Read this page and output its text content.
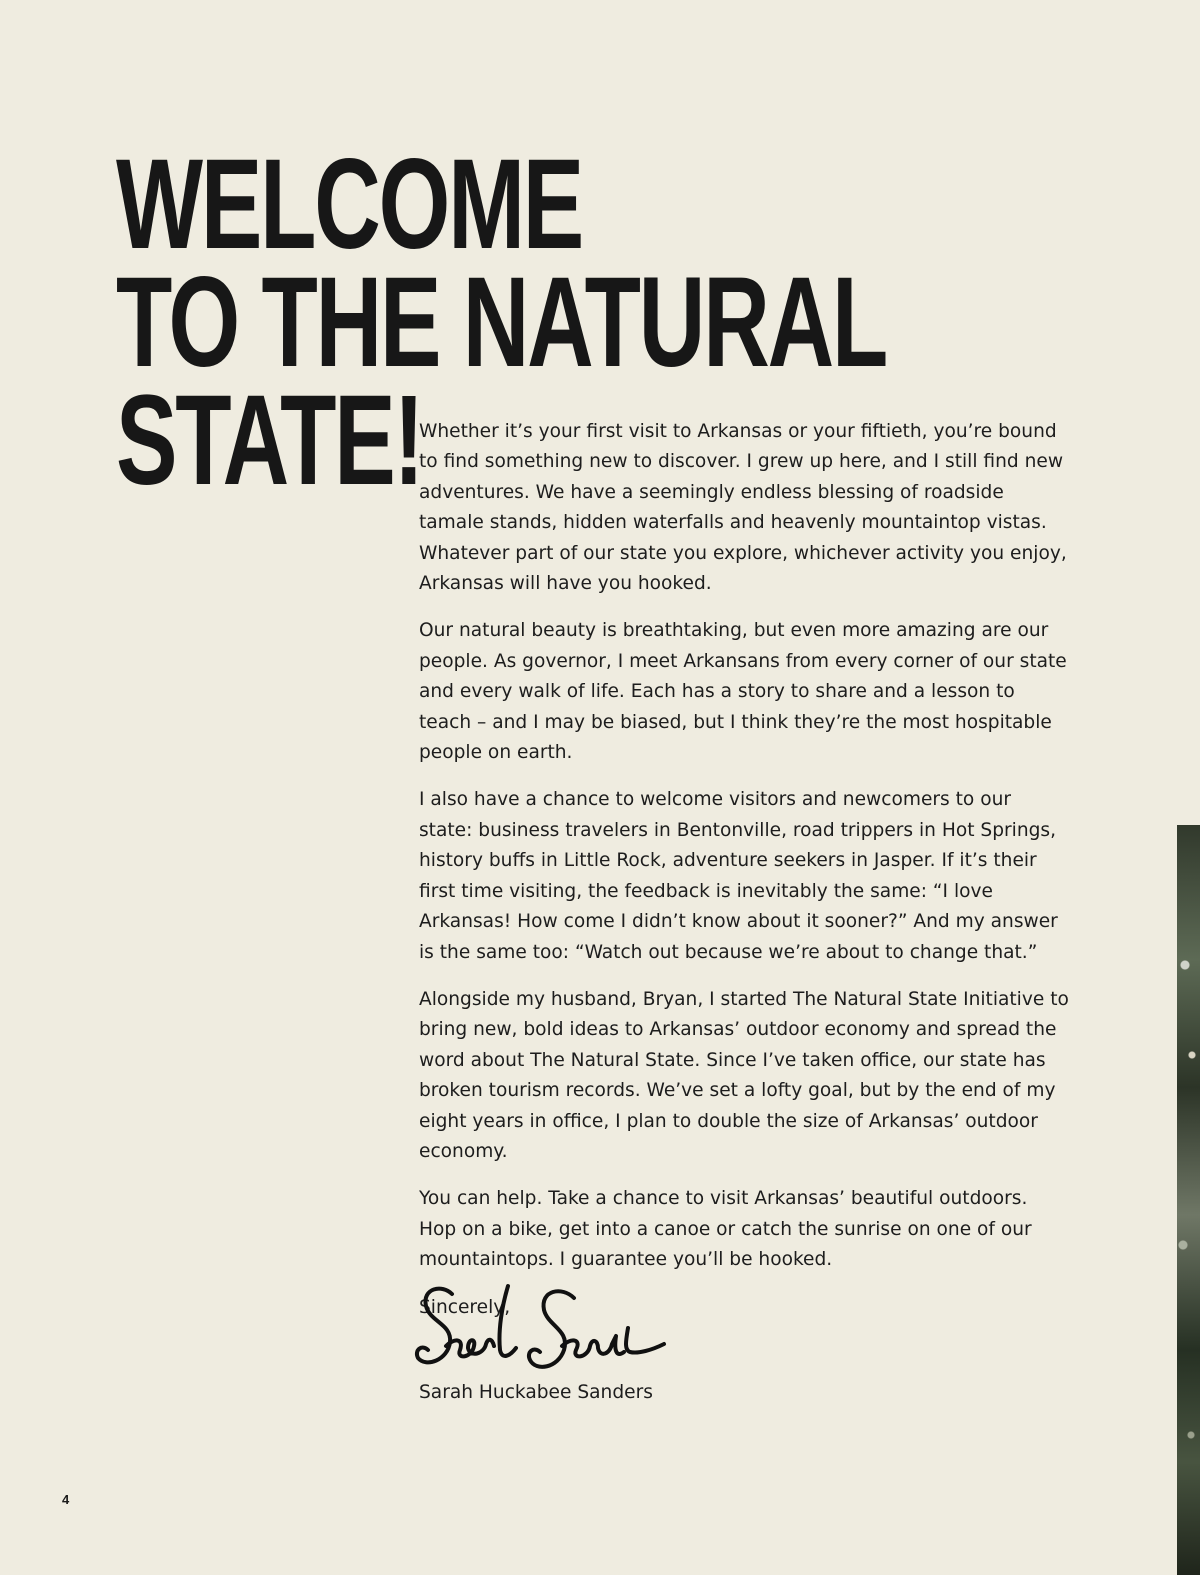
WELCOME
TO THE NATURAL
STATE!

Whether it’s your first visit to Arkansas or your fiftieth, you’re bound to find something new to discover. I grew up here, and I still find new adventures. We have a seemingly endless blessing of roadside tamale stands, hidden waterfalls and heavenly mountaintop vistas. Whatever part of our state you explore, whichever activity you enjoy, Arkansas will have you hooked.

Our natural beauty is breathtaking, but even more amazing are our people. As governor, I meet Arkansans from every corner of our state and every walk of life. Each has a story to share and a lesson to teach – and I may be biased, but I think they’re the most hospitable people on earth.

I also have a chance to welcome visitors and newcomers to our state: business travelers in Bentonville, road trippers in Hot Springs, history buffs in Little Rock, adventure seekers in Jasper. If it’s their first time visiting, the feedback is inevitably the same: “I love Arkansas! How come I didn’t know about it sooner?” And my answer is the same too: “Watch out because we’re about to change that.”

Alongside my husband, Bryan, I started The Natural State Initiative to bring new, bold ideas to Arkansas’ outdoor economy and spread the word about The Natural State. Since I’ve taken office, our state has broken tourism records. We’ve set a lofty goal, but by the end of my eight years in office, I plan to double the size of Arkansas’ outdoor economy.

You can help. Take a chance to visit Arkansas’ beautiful outdoors. Hop on a bike, get into a canoe or catch the sunrise on one of our mountaintops. I guarantee you’ll be hooked.

Sincerely,

Sarah Huckabee Sanders
4
